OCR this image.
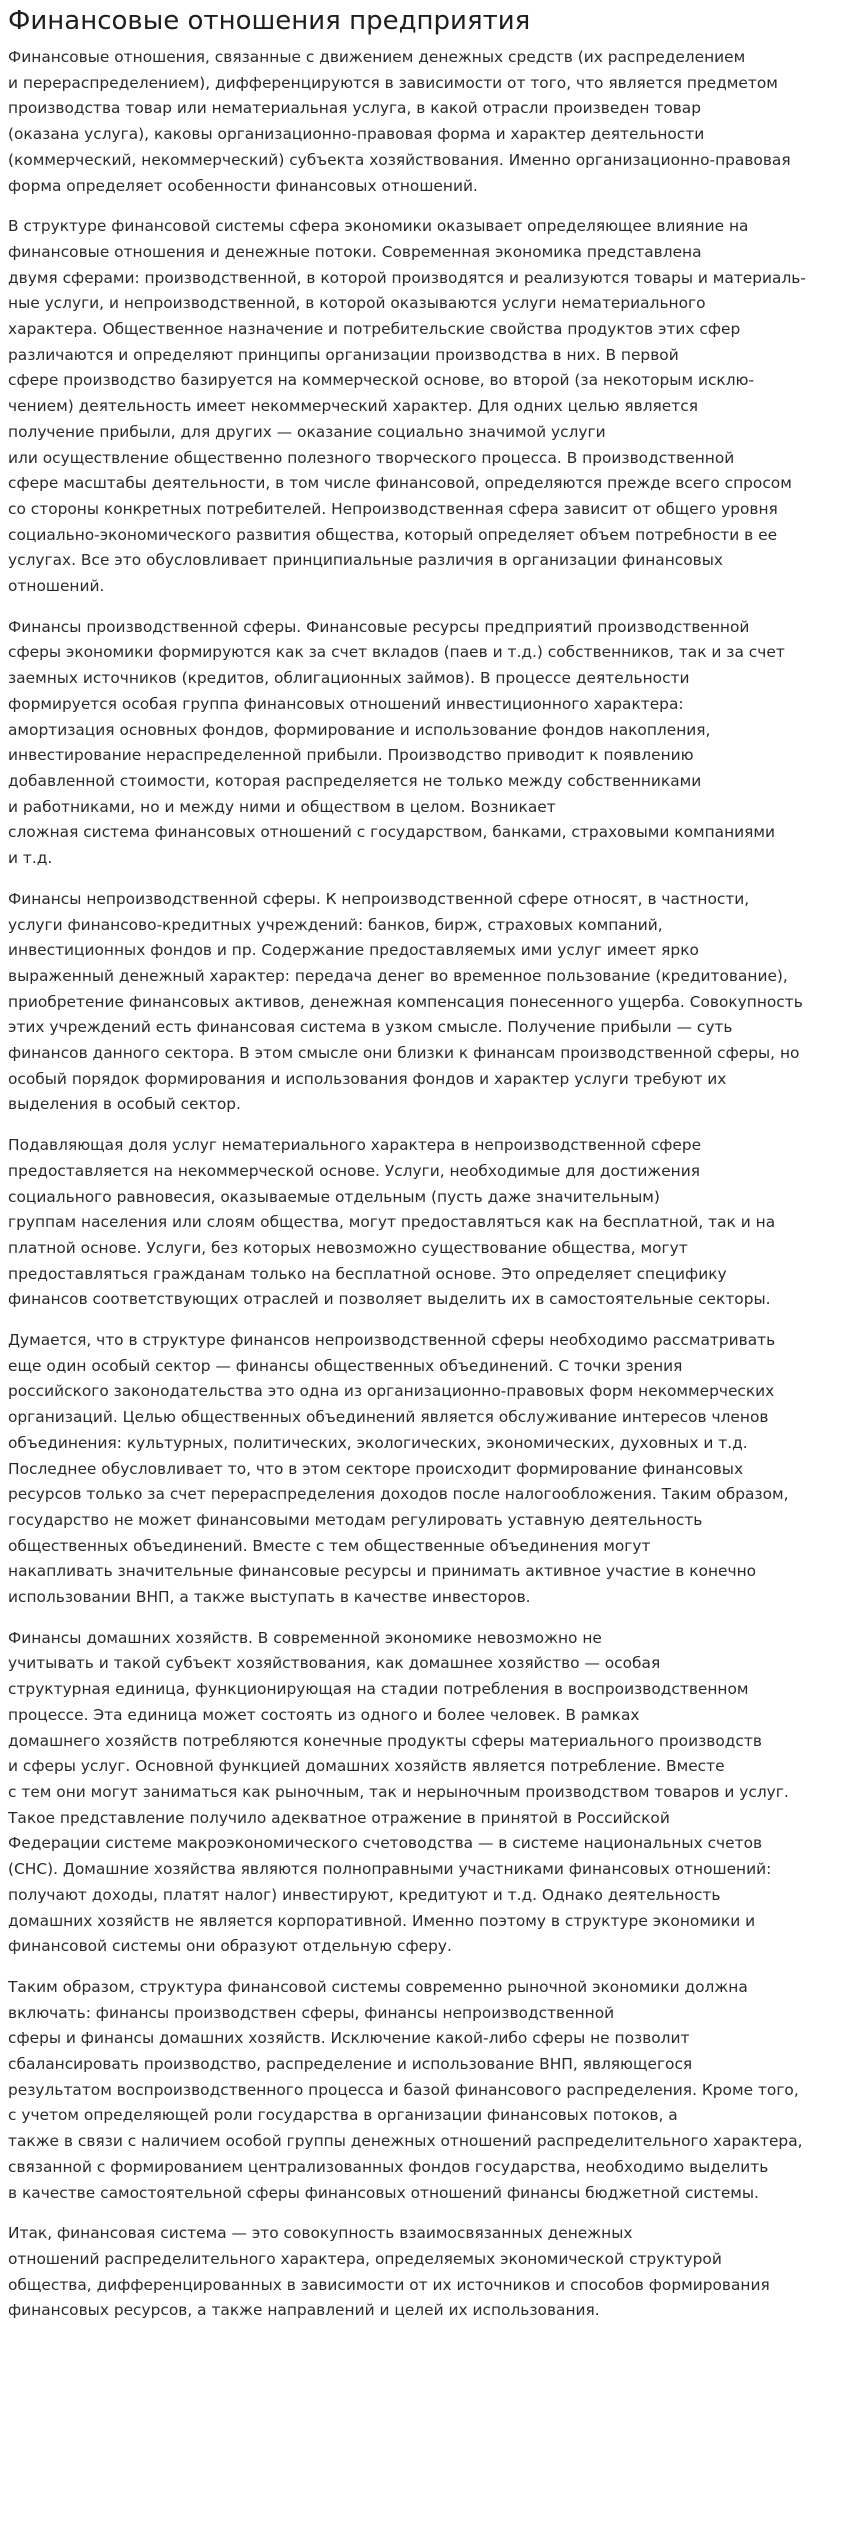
Финансовые отношения предприятия

Финансовые отношения, связанные с движением денежных средств (их распределением
и перераспределением), дифференцируются в зависимости от того, что является предметом
производства товар или нематериальная услуга, в какой отрасли произведен товар
(оказана услуга), каковы организационно-правовая форма и характер деятельности
(коммерческий, некоммерческий) субъекта хозяйствования. Именно организационно-правовая
форма определяет особенности финансовых отношений.

В структуре финансовой системы сфера экономики оказывает определяющее влияние на
финансовые отношения и денежные потоки. Современная экономика представлена
двумя сферами: производственной, в которой производятся и реализуются товары и материаль-
ные услуги, и непроизводственной, в которой оказываются услуги нематериального
характера. Общественное назначение и потребительские свойства продуктов этих сфер
различаются и определяют принципы организации производства в них. В первой
сфере производство базируется на коммерческой основе, во второй (за некоторым исклю-
чением) деятельность имеет некоммерческий характер. Для одних целью является
получение прибыли, для других — оказание социально значимой услуги
или осуществление общественно полезного творческого процесса. В производственной
сфере масштабы деятельности, в том числе финансовой, определяются прежде всего спросом
со стороны конкретных потребителей. Непроизводственная сфера зависит от общего уровня
социально-экономического развития общества, который определяет объем потребности в ее
услугах. Все это обусловливает принципиальные различия в организации финансовых
отношений.

Финансы производственной сферы. Финансовые ресурсы предприятий производственной
сферы экономики формируются как за счет вкладов (паев и т.д.) собственников, так и за счет
заемных источников (кредитов, облигационных займов). В процессе деятельности
формируется особая группа финансовых отношений инвестиционного характера:
амортизация основных фондов, формирование и использование фондов накопления,
инвестирование нераспределенной прибыли. Производство приводит к появлению
добавленной стоимости, которая распределяется не только между собственниками
и работниками, но и между ними и обществом в целом. Возникает
сложная система финансовых отношений с государством, банками, страховыми компаниями
и т.д.

Финансы непроизводственной сферы. К непроизводственной сфере относят, в частности,
услуги финансово-кредитных учреждений: банков, бирж, страховых компаний,
инвестиционных фондов и пр. Содержание предоставляемых ими услуг имеет ярко
выраженный денежный характер: передача денег во временное пользование (кредитование),
приобретение финансовых активов, денежная компенсация понесенного ущерба. Совокупность
этих учреждений есть финансовая система в узком смысле. Получение прибыли — суть
финансов данного сектора. В этом смысле они близки к финансам производственной сферы, но
особый порядок формирования и использования фондов и характер услуги требуют их
выделения в особый сектор.

Подавляющая доля услуг нематериального характера в непроизводственной сфере
предоставляется на некоммерческой основе. Услуги, необходимые для достижения
социального равновесия, оказываемые отдельным (пусть даже значительным)
группам населения или слоям общества, могут предоставляться как на бесплатной, так и на
платной основе. Услуги, без которых невозможно существование общества, могут
предоставляться гражданам только на бесплатной основе. Это определяет специфику
финансов соответствующих отраслей и позволяет выделить их в самостоятельные секторы.

Думается, что в структуре финансов непроизводственной сферы необходимо рассматривать
еще один особый сектор — финансы общественных объединений. С точки зрения
российского законодательства это одна из организационно-правовых форм некоммерческих
организаций. Целью общественных объединений является обслуживание интересов членов
объединения: культурных, политических, экологических, экономических, духовных и т.д.
Последнее обусловливает то, что в этом секторе происходит формирование финансовых
ресурсов только за счет перераспределения доходов после налогообложения. Таким образом,
государство не может финансовыми методам регулировать уставную деятельность
общественных объединений. Вместе с тем общественные объединения могут
накапливать значительные финансовые ресурсы и принимать активное участие в конечно
использовании ВНП, а также выступать в качестве инвесторов.

Финансы домашних хозяйств. В современной экономике невозможно не
учитывать и такой субъект хозяйствования, как домашнее хозяйство — особая
структурная единица, функционирующая на стадии потребления в воспроизводственном
процессе. Эта единица может состоять из одного и более человек. В рамках
домашнего хозяйств потребляются конечные продукты сферы материального производств
и сферы услуг. Основной функцией домашних хозяйств является потребление. Вместе
с тем они могут заниматься как рыночным, так и нерыночным производством товаров и услуг.
Такое представление получило адекватное отражение в принятой в Российской
Федерации системе макроэкономического счетоводства — в системе национальных счетов
(СНС). Домашние хозяйства являются полноправными участниками финансовых отношений:
получают доходы, платят налог) инвестируют, кредитуют и т.д. Однако деятельность
домашних хозяйств не является корпоративной. Именно поэтому в структуре экономики и
финансовой системы они образуют отдельную сферу.

Таким образом, структура финансовой системы современно рыночной экономики должна
включать: финансы производствен сферы, финансы непроизводственной
сферы и финансы домашних хозяйств. Исключение какой-либо сферы не позволит
сбалансировать производство, распределение и использование ВНП, являющегося
результатом воспроизводственного процесса и базой финансового распределения. Кроме того,
с учетом определяющей роли государства в организации финансовых потоков, а
также в связи с наличием особой группы денежных отношений распределительного характера,
связанной с формированием централизованных фондов государства, необходимо выделить
в качестве самостоятельной сферы финансовых отношений финансы бюджетной системы.

Итак, финансовая система — это совокупность взаимосвязанных денежных
отношений распределительного характера, определяемых экономической структурой
общества, дифференцированных в зависимости от их источников и способов формирования
финансовых ресурсов, а также направлений и целей их использования.
